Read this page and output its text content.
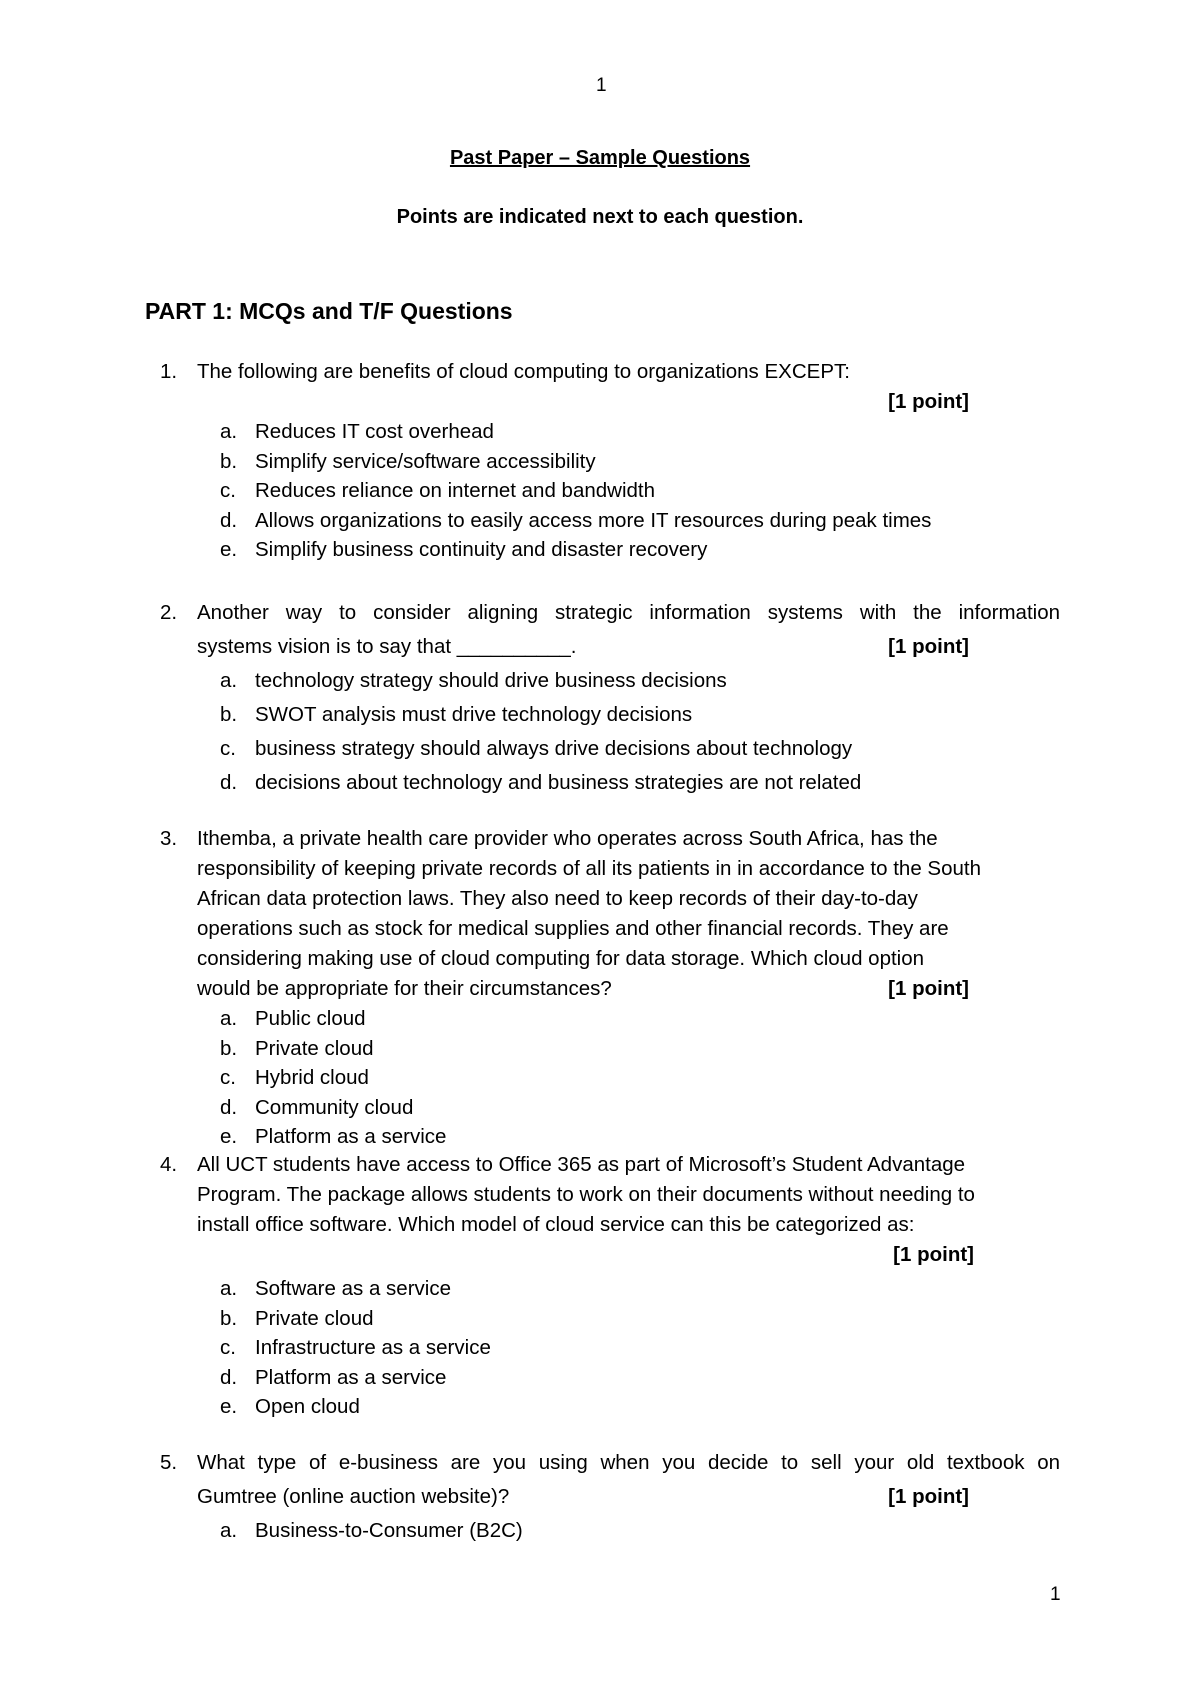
1
Past Paper – Sample Questions
Points are indicated next to each question.
PART 1: MCQs and T/F Questions
1. The following are benefits of cloud computing to organizations EXCEPT:
[1 point]
a. Reduces IT cost overhead
b. Simplify service/software accessibility
c. Reduces reliance on internet and bandwidth
d. Allows organizations to easily access more IT resources during peak times
e. Simplify business continuity and disaster recovery
2. Another way to consider aligning strategic information systems with the information
systems vision is to say that __________.	[1 point]
a. technology strategy should drive business decisions
b. SWOT analysis must drive technology decisions
c. business strategy should always drive decisions about technology
d. decisions about technology and business strategies are not related
3. Ithemba, a private health care provider who operates across South Africa, has the
responsibility of keeping private records of all its patients in in accordance to the South
African data protection laws. They also need to keep records of their day-to-day
operations such as stock for medical supplies and other financial records. They are
considering making use of cloud computing for data storage. Which cloud option
would be appropriate for their circumstances?	[1 point]
a. Public cloud
b. Private cloud
c. Hybrid cloud
d. Community cloud
e. Platform as a service
4. All UCT students have access to Office 365 as part of Microsoft’s Student Advantage
Program. The package allows students to work on their documents without needing to
install office software. Which model of cloud service can this be categorized as:
[1 point]
a. Software as a service
b. Private cloud
c. Infrastructure as a service
d. Platform as a service
e. Open cloud
5. What type of e-business are you using when you decide to sell your old textbook on
Gumtree (online auction website)?	[1 point]
a. Business-to-Consumer (B2C)
1
